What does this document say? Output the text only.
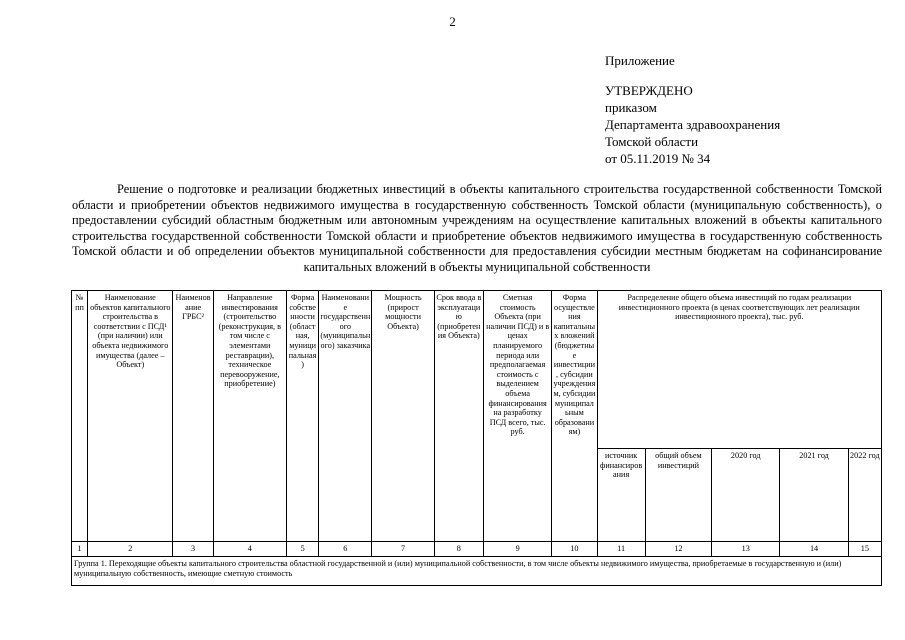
2
Приложение
УТВЕРЖДЕНО
приказом
Департамента здравоохранения
Томской области
от 05.11.2019 № 34
Решение о подготовке и реализации бюджетных инвестиций в объекты капитального строительства государственной собственности Томской области и приобретении объектов недвижимого имущества в государственную собственность Томской области (муниципальную собственность), о предоставлении субсидий областным бюджетным или автономным учреждениям на осуществление капитальных вложений в объекты капитального строительства государственной собственности Томской области и приобретение объектов недвижимого имущества в государственную собственность Томской области и об определении объектов муниципальной собственности для предоставления субсидии местным бюджетам на софинансирование капитальных вложений в объекты муниципальной собственности
№ пп	Наименование объектов капитального строительства в соответствии с ПСД¹ (при наличии) или объекта недвижимого имущества (далее – Объект)	Наименование ГРБС²	Направление инвестирования (строительство (реконструкция, в том числе с элементами реставрации), техническое перевооружение, приобретение)	Форма собственности (областная, муниципальная)	Наименование государственного (муниципального) заказчика	Мощность (прирост мощности Объекта)	Срок ввода в эксплуатацию (приобретения Объекта)	Сметная стоимость Объекта (при наличии ПСД) и в ценах планируемого периода или предполагаемая стоимость с выделением объема финансирования на разработку ПСД всего, тыс. руб.	Форма осуществления капитальных вложений (бюджетные инвестиции, субсидии учреждениям, субсидии муниципальным образованиям)	Распределение общего объема инвестиций по годам реализации инвестиционного проекта (в ценах соответствующих лет реализации инвестиционного проекта), тыс. руб.				
										источник финансирования	общий объем инвестиций	2020 год	2021 год	2022 год
1	2	3	4	5	6	7	8	9	10	11	12	13	14	15
Группа 1. Переходящие объекты капитального строительства областной государственной и (или) муниципальной собственности, в том числе объекты недвижимого имущества, приобретаемые в государственную и (или) муниципальную собственность, имеющие сметную стоимость														
